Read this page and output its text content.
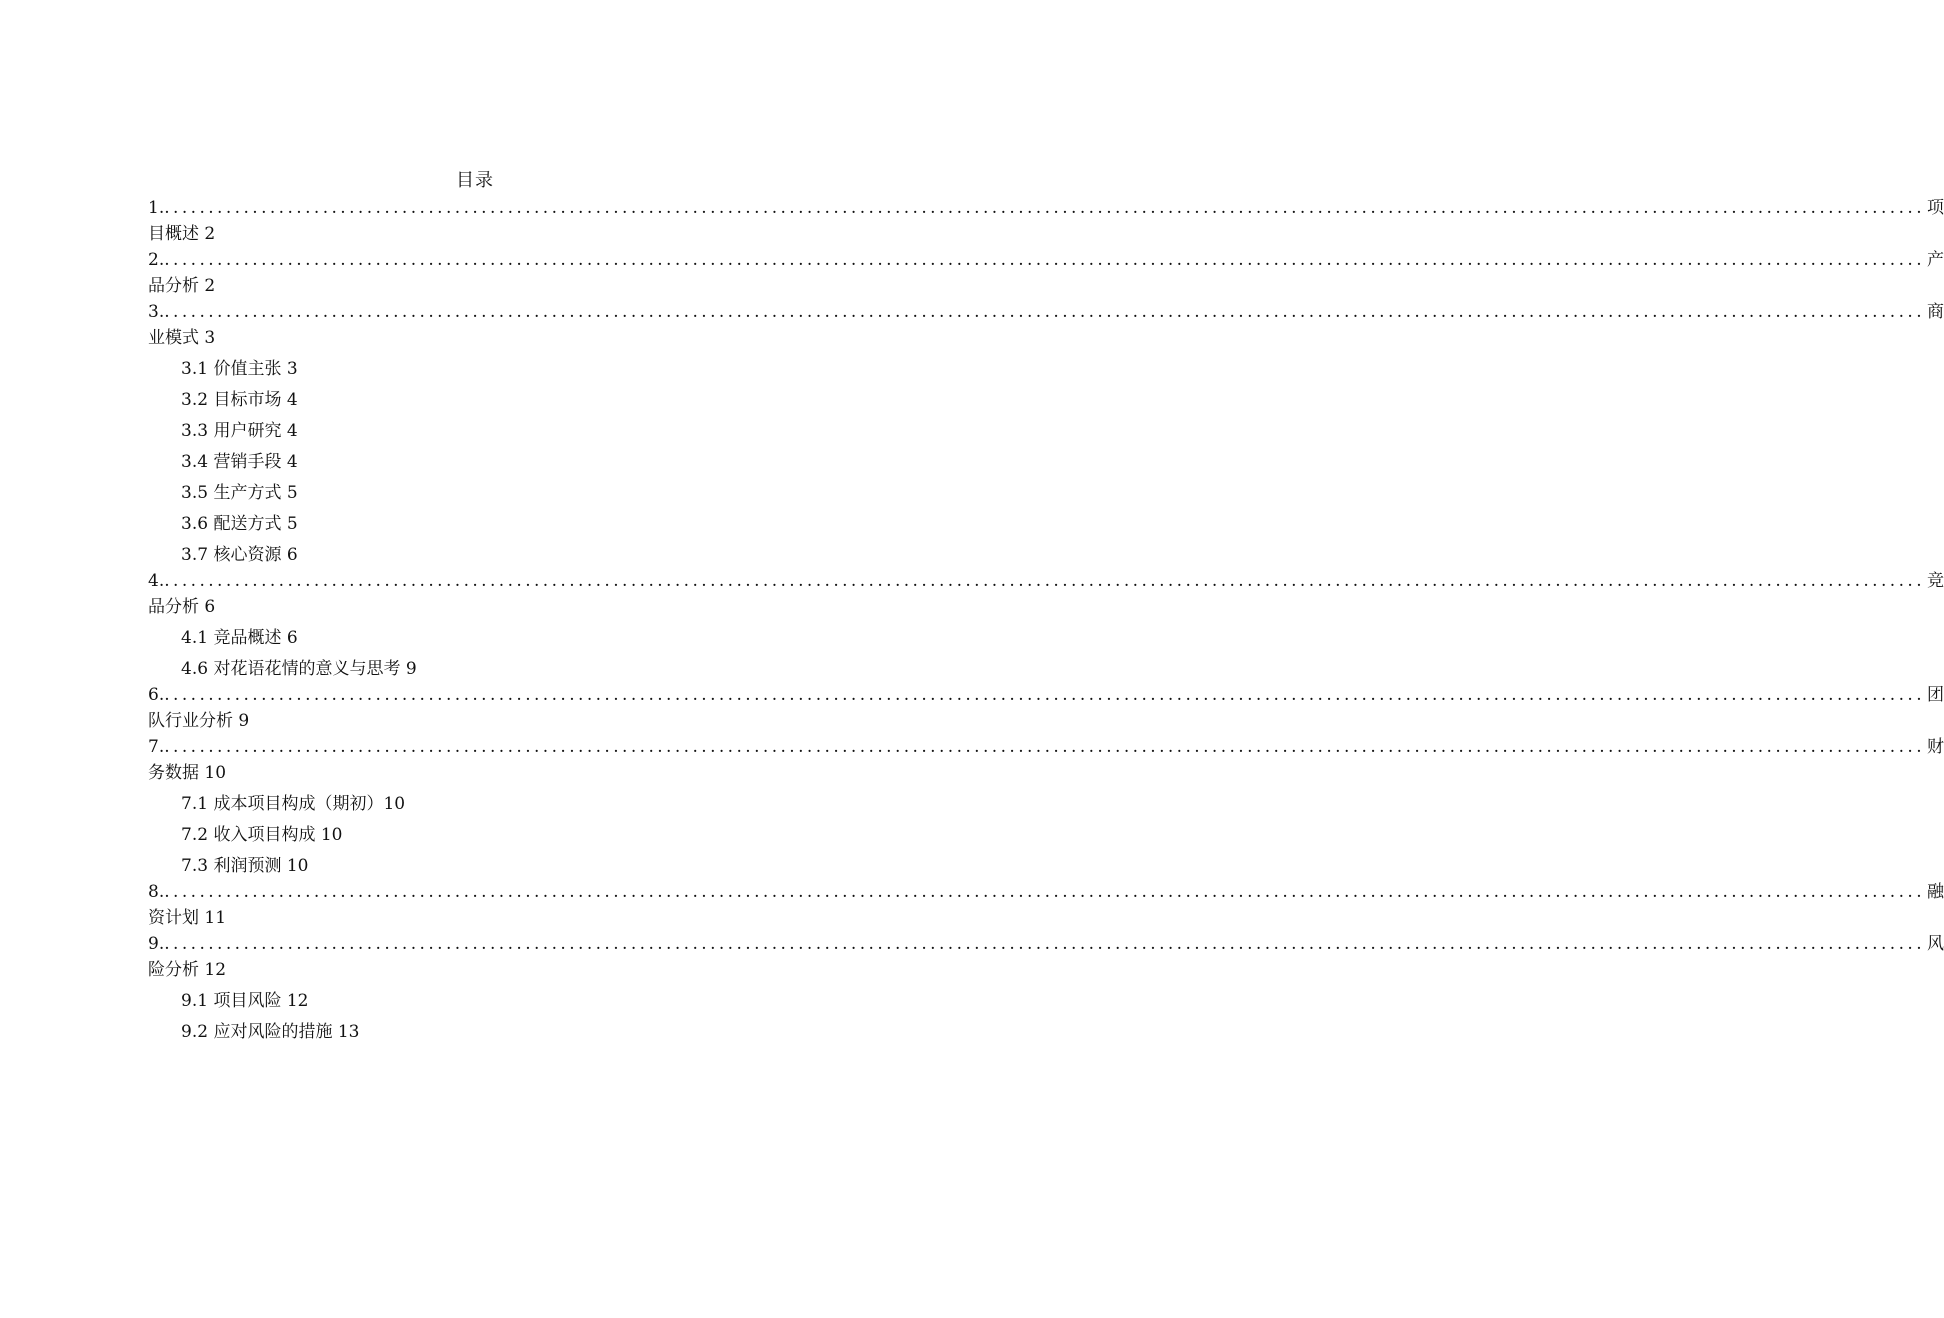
目录
1. ........................................................................................................................................................................................................ 项
目概述 2
2. ........................................................................................................................................................................................................ 产
品分析 2
3. ........................................................................................................................................................................................................ 商
业模式 3
3.1 价值主张 3
3.2 目标市场 4
3.3 用户研究 4
3.4 营销手段 4
3.5 生产方式 5
3.6 配送方式 5
3.7 核心资源 6
4. ........................................................................................................................................................................................................ 竞
品分析 6
4.1 竞品概述 6
4.6 对花语花情的意义与思考 9
6. ........................................................................................................................................................................................................ 团
队行业分析 9
7. ........................................................................................................................................................................................................ 财
务数据 10
7.1 成本项目构成（期初）10
7.2 收入项目构成 10
7.3 利润预测 10
8. ........................................................................................................................................................................................................ 融
资计划 11
9. ........................................................................................................................................................................................................ 风
险分析 12
9.1 项目风险 12
9.2 应对风险的措施 13
